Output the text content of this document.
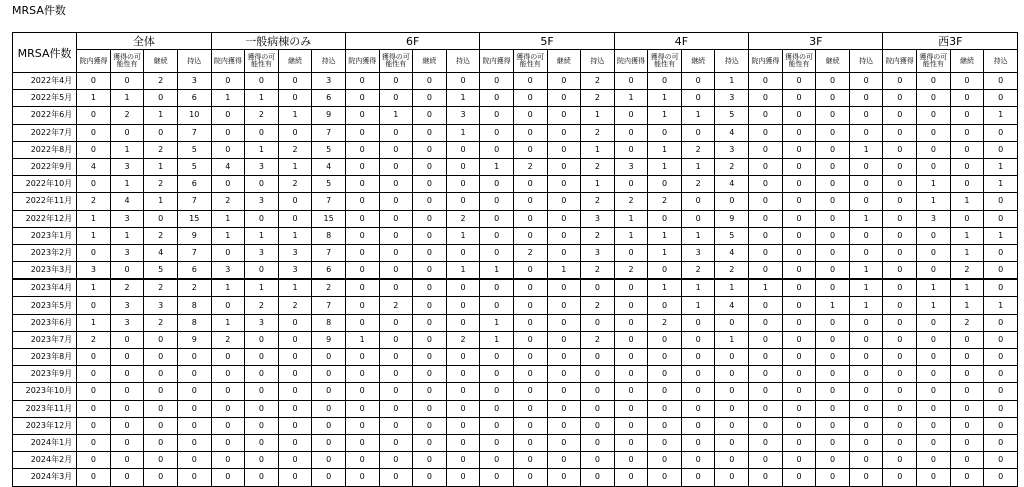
MRSA件数
MRSA件数	全体				一般病棟のみ				6F				5F				4F				3F				西3F			
	院内獲得	獲得の可能性有	継続	持込	院内獲得	獲得の可能性有	継続	持込	院内獲得	獲得の可能性有	継続	持込	院内獲得	獲得の可能性有	継続	持込	院内獲得	獲得の可能性有	継続	持込	院内獲得	獲得の可能性有	継続	持込	院内獲得	獲得の可能性有	継続	持込
2022年4月	0	0	2	3	0	0	0	3	0	0	0	0	0	0	0	2	0	0	0	1	0	0	0	0	0	0	0	0
2022年5月	1	1	0	6	1	1	0	6	0	0	0	1	0	0	0	2	1	1	0	3	0	0	0	0	0	0	0	0
2022年6月	0	2	1	10	0	2	1	9	0	1	0	3	0	0	0	1	0	1	1	5	0	0	0	0	0	0	0	1
2022年7月	0	0	0	7	0	0	0	7	0	0	0	1	0	0	0	2	0	0	0	4	0	0	0	0	0	0	0	0
2022年8月	0	1	2	5	0	1	2	5	0	0	0	0	0	0	0	1	0	1	2	3	0	0	0	1	0	0	0	0
2022年9月	4	3	1	5	4	3	1	4	0	0	0	0	1	2	0	2	3	1	1	2	0	0	0	0	0	0	0	1
2022年10月	0	1	2	6	0	0	2	5	0	0	0	0	0	0	0	1	0	0	2	4	0	0	0	0	0	1	0	1
2022年11月	2	4	1	7	2	3	0	7	0	0	0	0	0	0	0	2	2	2	0	0	0	0	0	0	0	1	1	0
2022年12月	1	3	0	15	1	0	0	15	0	0	0	2	0	0	0	3	1	0	0	9	0	0	0	1	0	3	0	0
2023年1月	1	1	2	9	1	1	1	8	0	0	0	1	0	0	0	2	1	1	1	5	0	0	0	0	0	0	1	1
2023年2月	0	3	4	7	0	3	3	7	0	0	0	0	0	2	0	3	0	1	3	4	0	0	0	0	0	0	1	0
2023年3月	3	0	5	6	3	0	3	6	0	0	0	1	1	0	1	2	2	0	2	2	0	0	0	1	0	0	2	0
2023年4月	1	2	2	2	1	1	1	2	0	0	0	0	0	0	0	0	0	1	1	1	1	0	0	1	0	1	1	0
2023年5月	0	3	3	8	0	2	2	7	0	2	0	0	0	0	0	2	0	0	1	4	0	0	1	1	0	1	1	1
2023年6月	1	3	2	8	1	3	0	8	0	0	0	0	1	0	0	0	0	2	0	0	0	0	0	0	0	0	2	0
2023年7月	2	0	0	9	2	0	0	9	1	0	0	2	1	0	0	2	0	0	0	1	0	0	0	0	0	0	0	0
2023年8月	0	0	0	0	0	0	0	0	0	0	0	0	0	0	0	0	0	0	0	0	0	0	0	0	0	0	0	0
2023年9月	0	0	0	0	0	0	0	0	0	0	0	0	0	0	0	0	0	0	0	0	0	0	0	0	0	0	0	0
2023年10月	0	0	0	0	0	0	0	0	0	0	0	0	0	0	0	0	0	0	0	0	0	0	0	0	0	0	0	0
2023年11月	0	0	0	0	0	0	0	0	0	0	0	0	0	0	0	0	0	0	0	0	0	0	0	0	0	0	0	0
2023年12月	0	0	0	0	0	0	0	0	0	0	0	0	0	0	0	0	0	0	0	0	0	0	0	0	0	0	0	0
2024年1月	0	0	0	0	0	0	0	0	0	0	0	0	0	0	0	0	0	0	0	0	0	0	0	0	0	0	0	0
2024年2月	0	0	0	0	0	0	0	0	0	0	0	0	0	0	0	0	0	0	0	0	0	0	0	0	0	0	0	0
2024年3月	0	0	0	0	0	0	0	0	0	0	0	0	0	0	0	0	0	0	0	0	0	0	0	0	0	0	0	0
